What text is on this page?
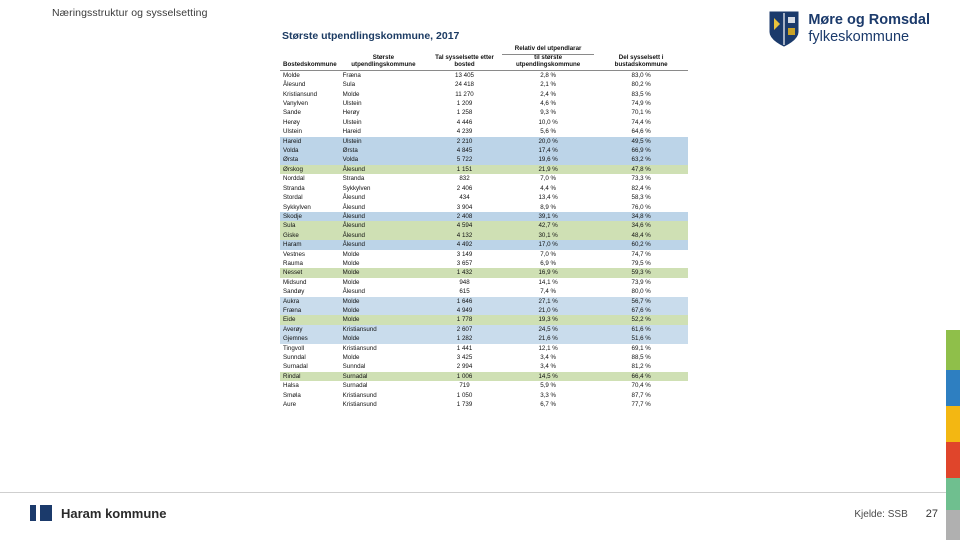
Næringsstruktur og sysselsetting	Møre og Romsdal
fylkeskommune
Største utpendlingskommune, 2017
			Relativ del utpendlarar	
Bostedskommune	Største utpendlingskommune	Tal sysselsette etter bosted	til største utpendlingskommune	Del sysselsett i bustadskommune
Molde	Fræna	13 405	2,8 %	83,0 %
Ålesund	Sula	24 418	2,1 %	80,2 %
Kristiansund	Molde	11 270	2,4 %	83,5 %
Vanylven	Ulstein	1 209	4,6 %	74,9 %
Sande	Herøy	1 258	9,3 %	70,1 %
Herøy	Ulstein	4 446	10,0 %	74,4 %
Ulstein	Hareid	4 239	5,6 %	64,6 %
Hareid	Ulstein	2 210	20,0 %	49,5 %
Volda	Ørsta	4 845	17,4 %	66,9 %
Ørsta	Volda	5 722	19,6 %	63,2 %
Ørskog	Ålesund	1 151	21,9 %	47,8 %
Norddal	Stranda	832	7,0 %	73,3 %
Stranda	Sykkylven	2 406	4,4 %	82,4 %
Stordal	Ålesund	434	13,4 %	58,3 %
Sykkylven	Ålesund	3 904	8,9 %	76,0 %
Skodje	Ålesund	2 408	39,1 %	34,8 %
Sula	Ålesund	4 594	42,7 %	34,6 %
Giske	Ålesund	4 132	30,1 %	48,4 %
Haram	Ålesund	4 492	17,0 %	60,2 %
Vestnes	Molde	3 149	7,0 %	74,7 %
Rauma	Molde	3 657	6,9 %	79,5 %
Nesset	Molde	1 432	16,9 %	59,3 %
Midsund	Molde	948	14,1 %	73,9 %
Sandøy	Ålesund	615	7,4 %	80,0 %
Aukra	Molde	1 646	27,1 %	56,7 %
Fræna	Molde	4 949	21,0 %	67,6 %
Eide	Molde	1 778	19,3 %	52,2 %
Averøy	Kristiansund	2 607	24,5 %	61,6 %
Gjemnes	Molde	1 282	21,6 %	51,6 %
Tingvoll	Kristiansund	1 441	12,1 %	69,1 %
Sunndal	Molde	3 425	3,4 %	88,5 %
Surnadal	Sunndal	2 994	3,4 %	81,2 %
Rindal	Surnadal	1 006	14,5 %	66,4 %
Halsa	Surnadal	719	5,9 %	70,4 %
Smøla	Kristiansund	1 050	3,3 %	87,7 %
Aure	Kristiansund	1 739	6,7 %	77,7 %
Haram kommune	Kjelde: SSB 27
